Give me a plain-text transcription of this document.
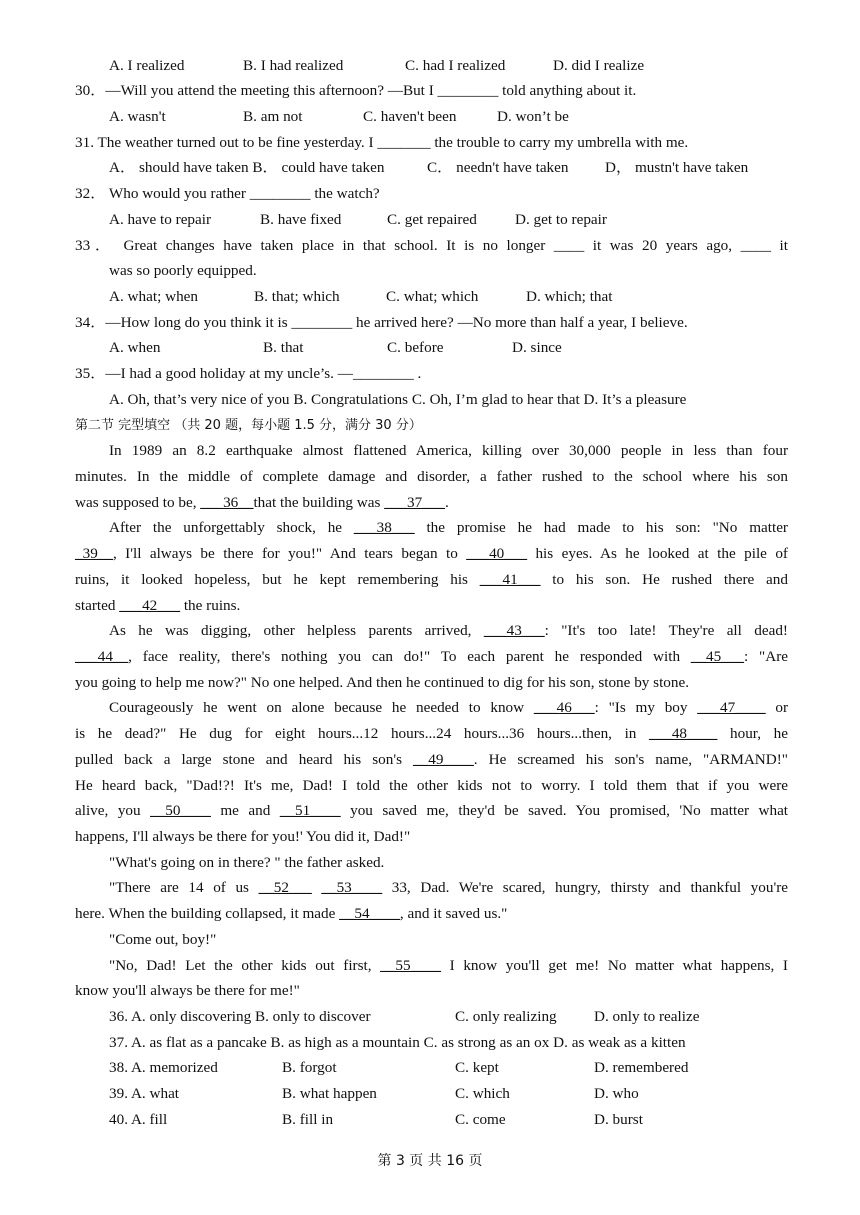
A. I realized	B. I had realized	C. had I realized	D. did I realize
30．—Will you attend the meeting this afternoon? —But I ________ told anything about it.
A. wasn't	B. am not	C. haven't been	D. won’t be
31. The weather turned out to be fine yesterday. I _______ the trouble to carry my umbrella with me.
A． should have taken B． could have taken	C． needn't have taken D， mustn't have taken
32． Who would you rather ________ the watch?
A. have to repair	B. have fixed	C. get repaired	D. get to repair
33． Great changes have taken place in that school. It is no longer ____ it was 20 years ago, ____ it
was so poorly equipped.
A. what; when	B. that; which	C. what; which	D. which; that
34．—How long do you think it is ________ he arrived here? —No more than half a year, I believe.
A. when	B. that	C. before	D. since
35．—I had a good holiday at my uncle’s. —________ .
A. Oh, that’s very nice of you B. Congratulations C. Oh, I’m glad to hear that D. It’s a pleasure
第二节 完型填空 （共 20 题，每小题 1.5 分，满分 30 分）
In 1989 an 8.2 earthquake almost flattened America, killing over 30,000 people in less than four
minutes. In the middle of complete damage and disorder, a father rushed to the school where his son
was supposed to be, ___36__that the building was ___37___.
After the unforgettably shock, he ___38___ the promise he had made to his son: "No matter
_39__, I'll always be there for you!" And tears began to ___40___ his eyes. As he looked at the pile of
ruins, it looked hopeless, but he kept remembering his ___41___ to his son. He rushed there and
started ___42___ the ruins.
As he was digging, other helpless parents arrived, ___43___: "It's too late! They're all dead!
___44__, face reality, there's nothing you can do!" To each parent he responded with __45___: "Are
you going to help me now?" No one helped. And then he continued to dig for his son, stone by stone.
Courageously he went on alone because he needed to know ___46___: "Is my boy ___47____ or
is he dead?" He dug for eight hours...12 hours...24 hours...36 hours...then, in ___48____ hour, he
pulled back a large stone and heard his son's __49____. He screamed his son's name, "ARMAND!"
He heard back, "Dad!?! It's me, Dad! I told the other kids not to worry. I told them that if you were
alive, you __50____ me and __51____ you saved me, they'd be saved. You promised, 'No matter what
happens, I'll always be there for you!' You did it, Dad!"
"What's going on in there? " the father asked.
"There are 14 of us __52___ __53____ 33, Dad. We're scared, hungry, thirsty and thankful you're
here. When the building collapsed, it made __54____, and it saved us."
"Come out, boy!"
"No, Dad! Let the other kids out first, __55____ I know you'll get me! No matter what happens, I
know you'll always be there for me!"
36. A. only discovering B. only to discover	C. only realizing D. only to realize
37. A. as flat as a pancake B. as high as a mountain C. as strong as an ox D. as weak as a kitten
38. A. memorized	B. forgot	C. kept	D. remembered
39. A. what	B. what happen	C. which	D. who
40. A. fill	B. fill in	C. come	D. burst
第 3 页 共 16 页
